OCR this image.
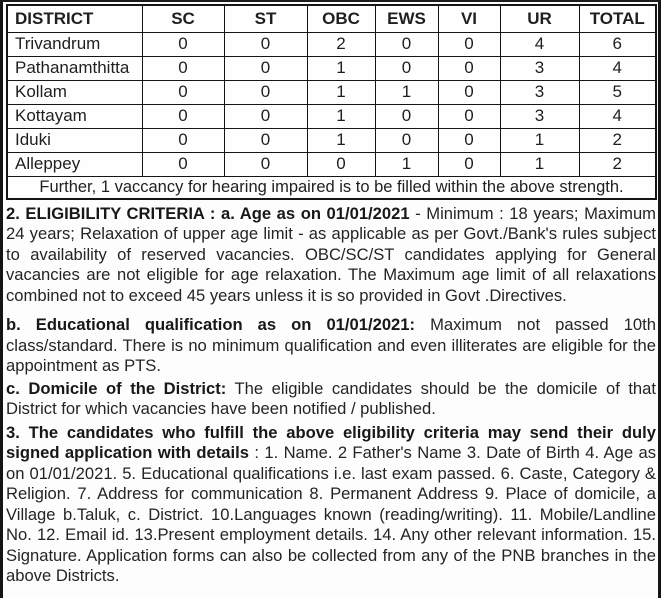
DISTRICT	SC	ST	OBC	EWS	VI	UR	TOTAL
Trivandrum	0	0	2	0	0	4	6
Pathanamthitta	0	0	1	0	0	3	4
Kollam	0	0	1	1	0	3	5
Kottayam	0	0	1	0	0	3	4
Iduki	0	0	1	0	0	1	2
Alleppey	0	0	0	1	0	1	2
Further, 1 vaccancy for hearing impaired is to be filled within the above strength.							

2. ELIGIBILITY CRITERIA : a. Age as on 01/01/2021 - Minimum : 18 years; Maximum 24 years; Relaxation of upper age limit - as applicable as per Govt./Bank's rules subject to availability of reserved vacancies. OBC/SC/ST candidates applying for General vacancies are not eligible for age relaxation. The Maximum age limit of all relaxations combined not to exceed 45 years unless it is so provided in Govt .Directives.

b. Educational qualification as on 01/01/2021: Maximum not passed 10th class/standard. There is no minimum qualification and even illiterates are eligible for the appointment as PTS.

c. Domicile of the District: The eligible candidates should be the domicile of that District for which vacancies have been notified / published.

3. The candidates who fulfill the above eligibility criteria may send their duly signed application with details : 1. Name. 2 Father's Name 3. Date of Birth 4. Age as on 01/01/2021. 5. Educational qualifications i.e. last exam passed. 6. Caste, Category & Religion. 7. Address for communication 8. Permanent Address 9. Place of domicile, a Village b.Taluk, c. District. 10.Languages known (reading/writing). 11. Mobile/Landline No. 12. Email id. 13.Present employment details. 14. Any other relevant information. 15. Signature. Application forms can also be collected from any of the PNB branches in the above Districts.
